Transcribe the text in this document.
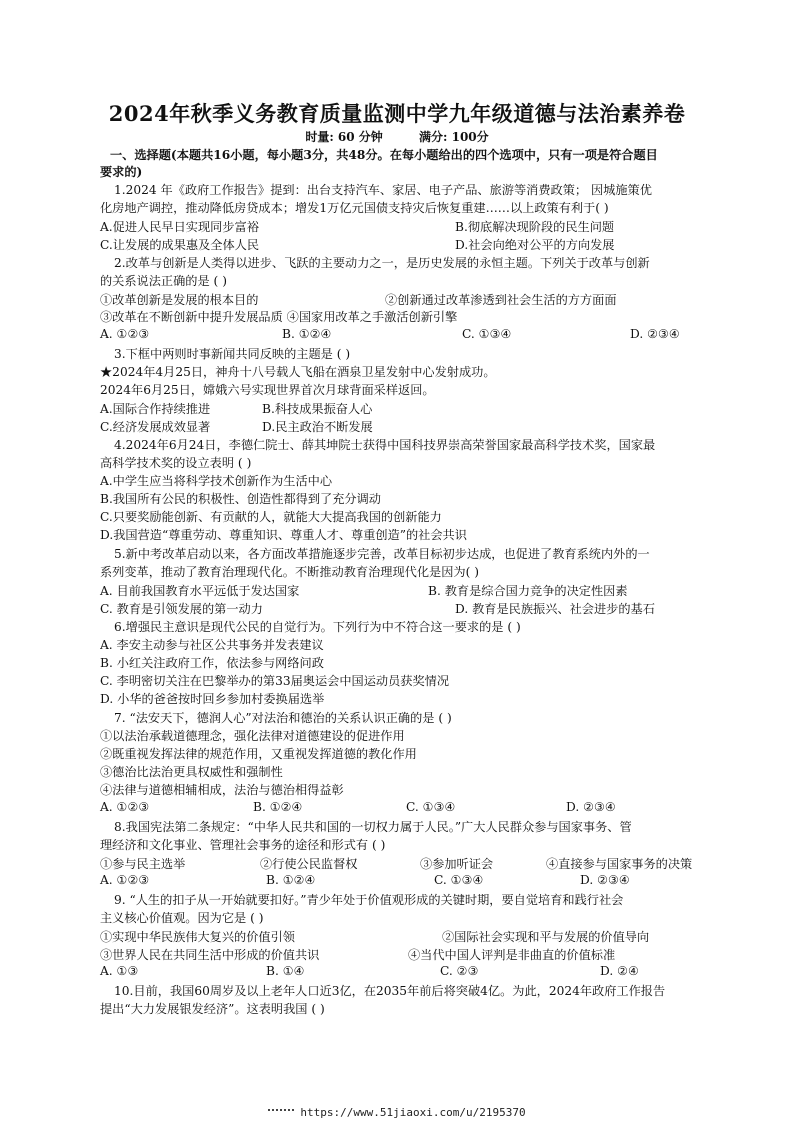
2024年秋季义务教育质量监测中学九年级道德与法治素养卷
时量: 60 分钟	满分: 100分
一、选择题(本题共16小题，每小题3分，共48分。在每小题给出的四个选项中，只有一项是符合题目
要求的)
1.2024 年《政府工作报告》提到：出台支持汽车、家居、电子产品、旅游等消费政策； 因城施策优
化房地产调控，推动降低房贷成本；增发1万亿元国债支持灾后恢复重建……以上政策有利于( )
A.促进人民早日实现同步富裕	B.彻底解决现阶段的民生问题
C.让发展的成果惠及全体人民	D.社会向绝对公平的方向发展
2.改革与创新是人类得以进步、飞跃的主要动力之一，是历史发展的永恒主题。下列关于改革与创新
的关系说法正确的是 ( )
①改革创新是发展的根本目的	②创新通过改革渗透到社会生活的方方面面
③改革在不断创新中提升发展品质 ④国家用改革之手激活创新引擎
A. ①②③	B. ①②④	C. ①③④	D. ②③④
3.下框中两则时事新闻共同反映的主题是 ( )
★2024年4月25日，神舟十八号载人飞船在酒泉卫星发射中心发射成功。
2024年6月25日，嫦娥六号实现世界首次月球背面采样返回。
A.国际合作持续推进	B.科技成果振奋人心
C.经济发展成效显著	D.民主政治不断发展
4.2024年6月24日，李德仁院士、薛其坤院士获得中国科技界崇高荣誉国家最高科学技术奖，国家最
高科学技术奖的设立表明 ( )
A.中学生应当将科学技术创新作为生活中心
B.我国所有公民的积极性、创造性都得到了充分调动
C.只要奖励能创新、有贡献的人，就能大大提高我国的创新能力
D.我国营造“尊重劳动、尊重知识、尊重人才、尊重创造”的社会共识
5.新中考改革启动以来，各方面改革措施逐步完善，改革目标初步达成，也促进了教育系统内外的一
系列变革，推动了教育治理现代化。不断推动教育治理现代化是因为( )
A. 目前我国教育水平远低于发达国家	B. 教育是综合国力竞争的决定性因素
C. 教育是引领发展的第一动力	D. 教育是民族振兴、社会进步的基石
6.增强民主意识是现代公民的自觉行为。下列行为中不符合这一要求的是 ( )
A. 李安主动参与社区公共事务并发表建议
B. 小红关注政府工作，依法参与网络问政
C. 李明密切关注在巴黎举办的第33届奥运会中国运动员获奖情况
D. 小华的爸爸按时回乡参加村委换届选举
7. “法安天下，德润人心”对法治和德治的关系认识正确的是 ( )
①以法治承载道德理念，强化法律对道德建设的促进作用
②既重视发挥法律的规范作用，又重视发挥道德的教化作用
③德治比法治更具权威性和强制性
④法律与道德相辅相成，法治与德治相得益彰
A. ①②③	B. ①②④	C. ①③④	D. ②③④
8.我国宪法第二条规定：“中华人民共和国的一切权力属于人民。”广大人民群众参与国家事务、管
理经济和文化事业、管理社会事务的途径和形式有 ( )
①参与民主选举	②行使公民监督权	③参加听证会	④直接参与国家事务的决策
A. ①②③	B. ①②④	C. ①③④	D. ②③④
9. “人生的扣子从一开始就要扣好。”青少年处于价值观形成的关键时期，要自觉培育和践行社会
主义核心价值观。因为它是 ( )
①实现中华民族伟大复兴的价值引领	②国际社会实现和平与发展的价值导向
③世界人民在共同生活中形成的价值共识	④当代中国人评判是非曲直的价值标准
A. ①③	B. ①④	C. ②③	D. ②④
10.目前，我国60周岁及以上老年人口近3亿，在2035年前后将突破4亿。为此，2024年政府工作报告
提出“大力发展银发经济”。这表明我国 ( )
https://www.51jiaoxi.com/u/2195370
